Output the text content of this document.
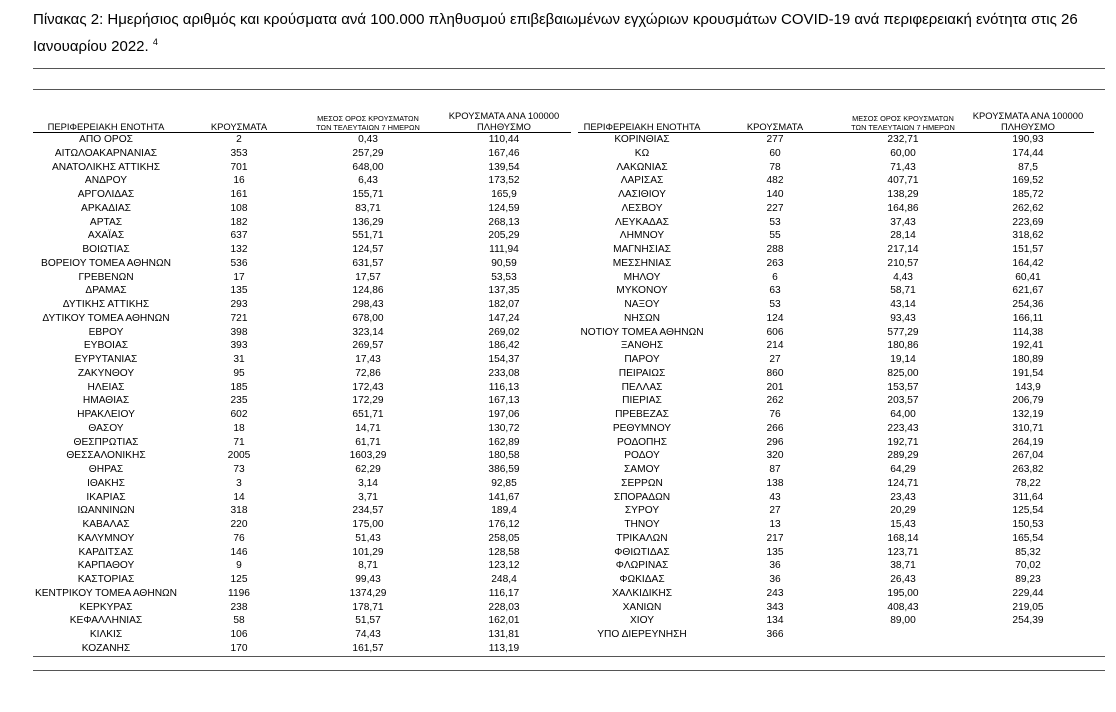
Πίνακας 2: Ημερήσιος αριθμός και κρούσματα ανά 100.000 πληθυσμού επιβεβαιωμένων εγχώριων κρουσμάτων COVID-19 ανά περιφερειακή ενότητα στις 26 Ιανουαρίου 2022. $^4$
ΠΕΡΙΦΕΡΕΙΑΚΗ ΕΝΟΤΗΤΑ	ΚΡΟΥΣΜΑΤΑ
ΜΕΣΟΣ ΟΡΟΣ ΚΡΟΥΣΜΑΤΩΝ
ΤΩΝ ΤΕΛΕΥΤΑΙΩΝ 7 ΗΜΕΡΩΝ
ΚΡΟΥΣΜΑΤΑ ΑΝΑ 100000
ΠΛΗΘΥΣΜΟ
ΑΠΟ ΟΡΟΣ	2	0,43	110,44
ΑΙΤΩΛΟΑΚΑΡΝΑΝΙΑΣ	353	257,29	167,46
ΑΝΑΤΟΛΙΚΗΣ ΑΤΤΙΚΗΣ	701	648,00	139,54
ΑΝΔΡΟΥ	16	6,43	173,52
ΑΡΓΟΛΙΔΑΣ	161	155,71	165,9
ΑΡΚΑΔΙΑΣ	108	83,71	124,59
ΑΡΤΑΣ	182	136,29	268,13
ΑΧΑΪΑΣ	637	551,71	205,29
ΒΟΙΩΤΙΑΣ	132	124,57	111,94
ΒΟΡΕΙΟΥ ΤΟΜΕΑ ΑΘΗΝΩΝ	536	631,57	90,59
ΓΡΕΒΕΝΩΝ	17	17,57	53,53
ΔΡΑΜΑΣ	135	124,86	137,35
ΔΥΤΙΚΗΣ ΑΤΤΙΚΗΣ	293	298,43	182,07
ΔΥΤΙΚΟΥ ΤΟΜΕΑ ΑΘΗΝΩΝ	721	678,00	147,24
ΕΒΡΟΥ	398	323,14	269,02
ΕΥΒΟΙΑΣ	393	269,57	186,42
ΕΥΡΥΤΑΝΙΑΣ	31	17,43	154,37
ΖΑΚΥΝΘΟΥ	95	72,86	233,08
ΗΛΕΙΑΣ	185	172,43	116,13
ΗΜΑΘΙΑΣ	235	172,29	167,13
ΗΡΑΚΛΕΙΟΥ	602	651,71	197,06
ΘΑΣΟΥ	18	14,71	130,72
ΘΕΣΠΡΩΤΙΑΣ	71	61,71	162,89
ΘΕΣΣΑΛΟΝΙΚΗΣ	2005	1603,29	180,58
ΘΗΡΑΣ	73	62,29	386,59
ΙΘΑΚΗΣ	3	3,14	92,85
ΙΚΑΡΙΑΣ	14	3,71	141,67
ΙΩΑΝΝΙΝΩΝ	318	234,57	189,4
ΚΑΒΑΛΑΣ	220	175,00	176,12
ΚΑΛΥΜΝΟΥ	76	51,43	258,05
ΚΑΡΔΙΤΣΑΣ	146	101,29	128,58
ΚΑΡΠΑΘΟΥ	9	8,71	123,12
ΚΑΣΤΟΡΙΑΣ	125	99,43	248,4
ΚΕΝΤΡΙΚΟΥ ΤΟΜΕΑ ΑΘΗΝΩΝ	1196	1374,29	116,17
ΚΕΡΚΥΡΑΣ	238	178,71	228,03
ΚΕΦΑΛΛΗΝΙΑΣ	58	51,57	162,01
ΚΙΛΚΙΣ	106	74,43	131,81
ΚΟΖΑΝΗΣ	170	161,57	113,19
ΠΕΡΙΦΕΡΕΙΑΚΗ ΕΝΟΤΗΤΑ	ΚΡΟΥΣΜΑΤΑ
ΜΕΣΟΣ ΟΡΟΣ ΚΡΟΥΣΜΑΤΩΝ
ΤΩΝ ΤΕΛΕΥΤΑΙΩΝ 7 ΗΜΕΡΩΝ
ΚΡΟΥΣΜΑΤΑ ΑΝΑ 100000
ΠΛΗΘΥΣΜΟ
ΚΟΡΙΝΘΙΑΣ	277	232,71	190,93
ΚΩ	60	60,00	174,44
ΛΑΚΩΝΙΑΣ	78	71,43	87,5
ΛΑΡΙΣΑΣ	482	407,71	169,52
ΛΑΣΙΘΙΟΥ	140	138,29	185,72
ΛΕΣΒΟΥ	227	164,86	262,62
ΛΕΥΚΑΔΑΣ	53	37,43	223,69
ΛΗΜΝΟΥ	55	28,14	318,62
ΜΑΓΝΗΣΙΑΣ	288	217,14	151,57
ΜΕΣΣΗΝΙΑΣ	263	210,57	164,42
ΜΗΛΟΥ	6	4,43	60,41
ΜΥΚΟΝΟΥ	63	58,71	621,67
ΝΑΞΟΥ	53	43,14	254,36
ΝΗΣΩΝ	124	93,43	166,11
ΝΟΤΙΟΥ ΤΟΜΕΑ ΑΘΗΝΩΝ	606	577,29	114,38
ΞΑΝΘΗΣ	214	180,86	192,41
ΠΑΡΟΥ	27	19,14	180,89
ΠΕΙΡΑΙΩΣ	860	825,00	191,54
ΠΕΛΛΑΣ	201	153,57	143,9
ΠΙΕΡΙΑΣ	262	203,57	206,79
ΠΡΕΒΕΖΑΣ	76	64,00	132,19
ΡΕΘΥΜΝΟΥ	266	223,43	310,71
ΡΟΔΟΠΗΣ	296	192,71	264,19
ΡΟΔΟΥ	320	289,29	267,04
ΣΑΜΟΥ	87	64,29	263,82
ΣΕΡΡΩΝ	138	124,71	78,22
ΣΠΟΡΑΔΩΝ	43	23,43	311,64
ΣΥΡΟΥ	27	20,29	125,54
ΤΗΝΟΥ	13	15,43	150,53
ΤΡΙΚΑΛΩΝ	217	168,14	165,54
ΦΘΙΩΤΙΔΑΣ	135	123,71	85,32
ΦΛΩΡΙΝΑΣ	36	38,71	70,02
ΦΩΚΙΔΑΣ	36	26,43	89,23
ΧΑΛΚΙΔΙΚΗΣ	243	195,00	229,44
ΧΑΝΙΩΝ	343	408,43	219,05
ΧΙΟΥ	134	89,00	254,39
ΥΠΟ ΔΙΕΡΕΥΝΗΣΗ	366
